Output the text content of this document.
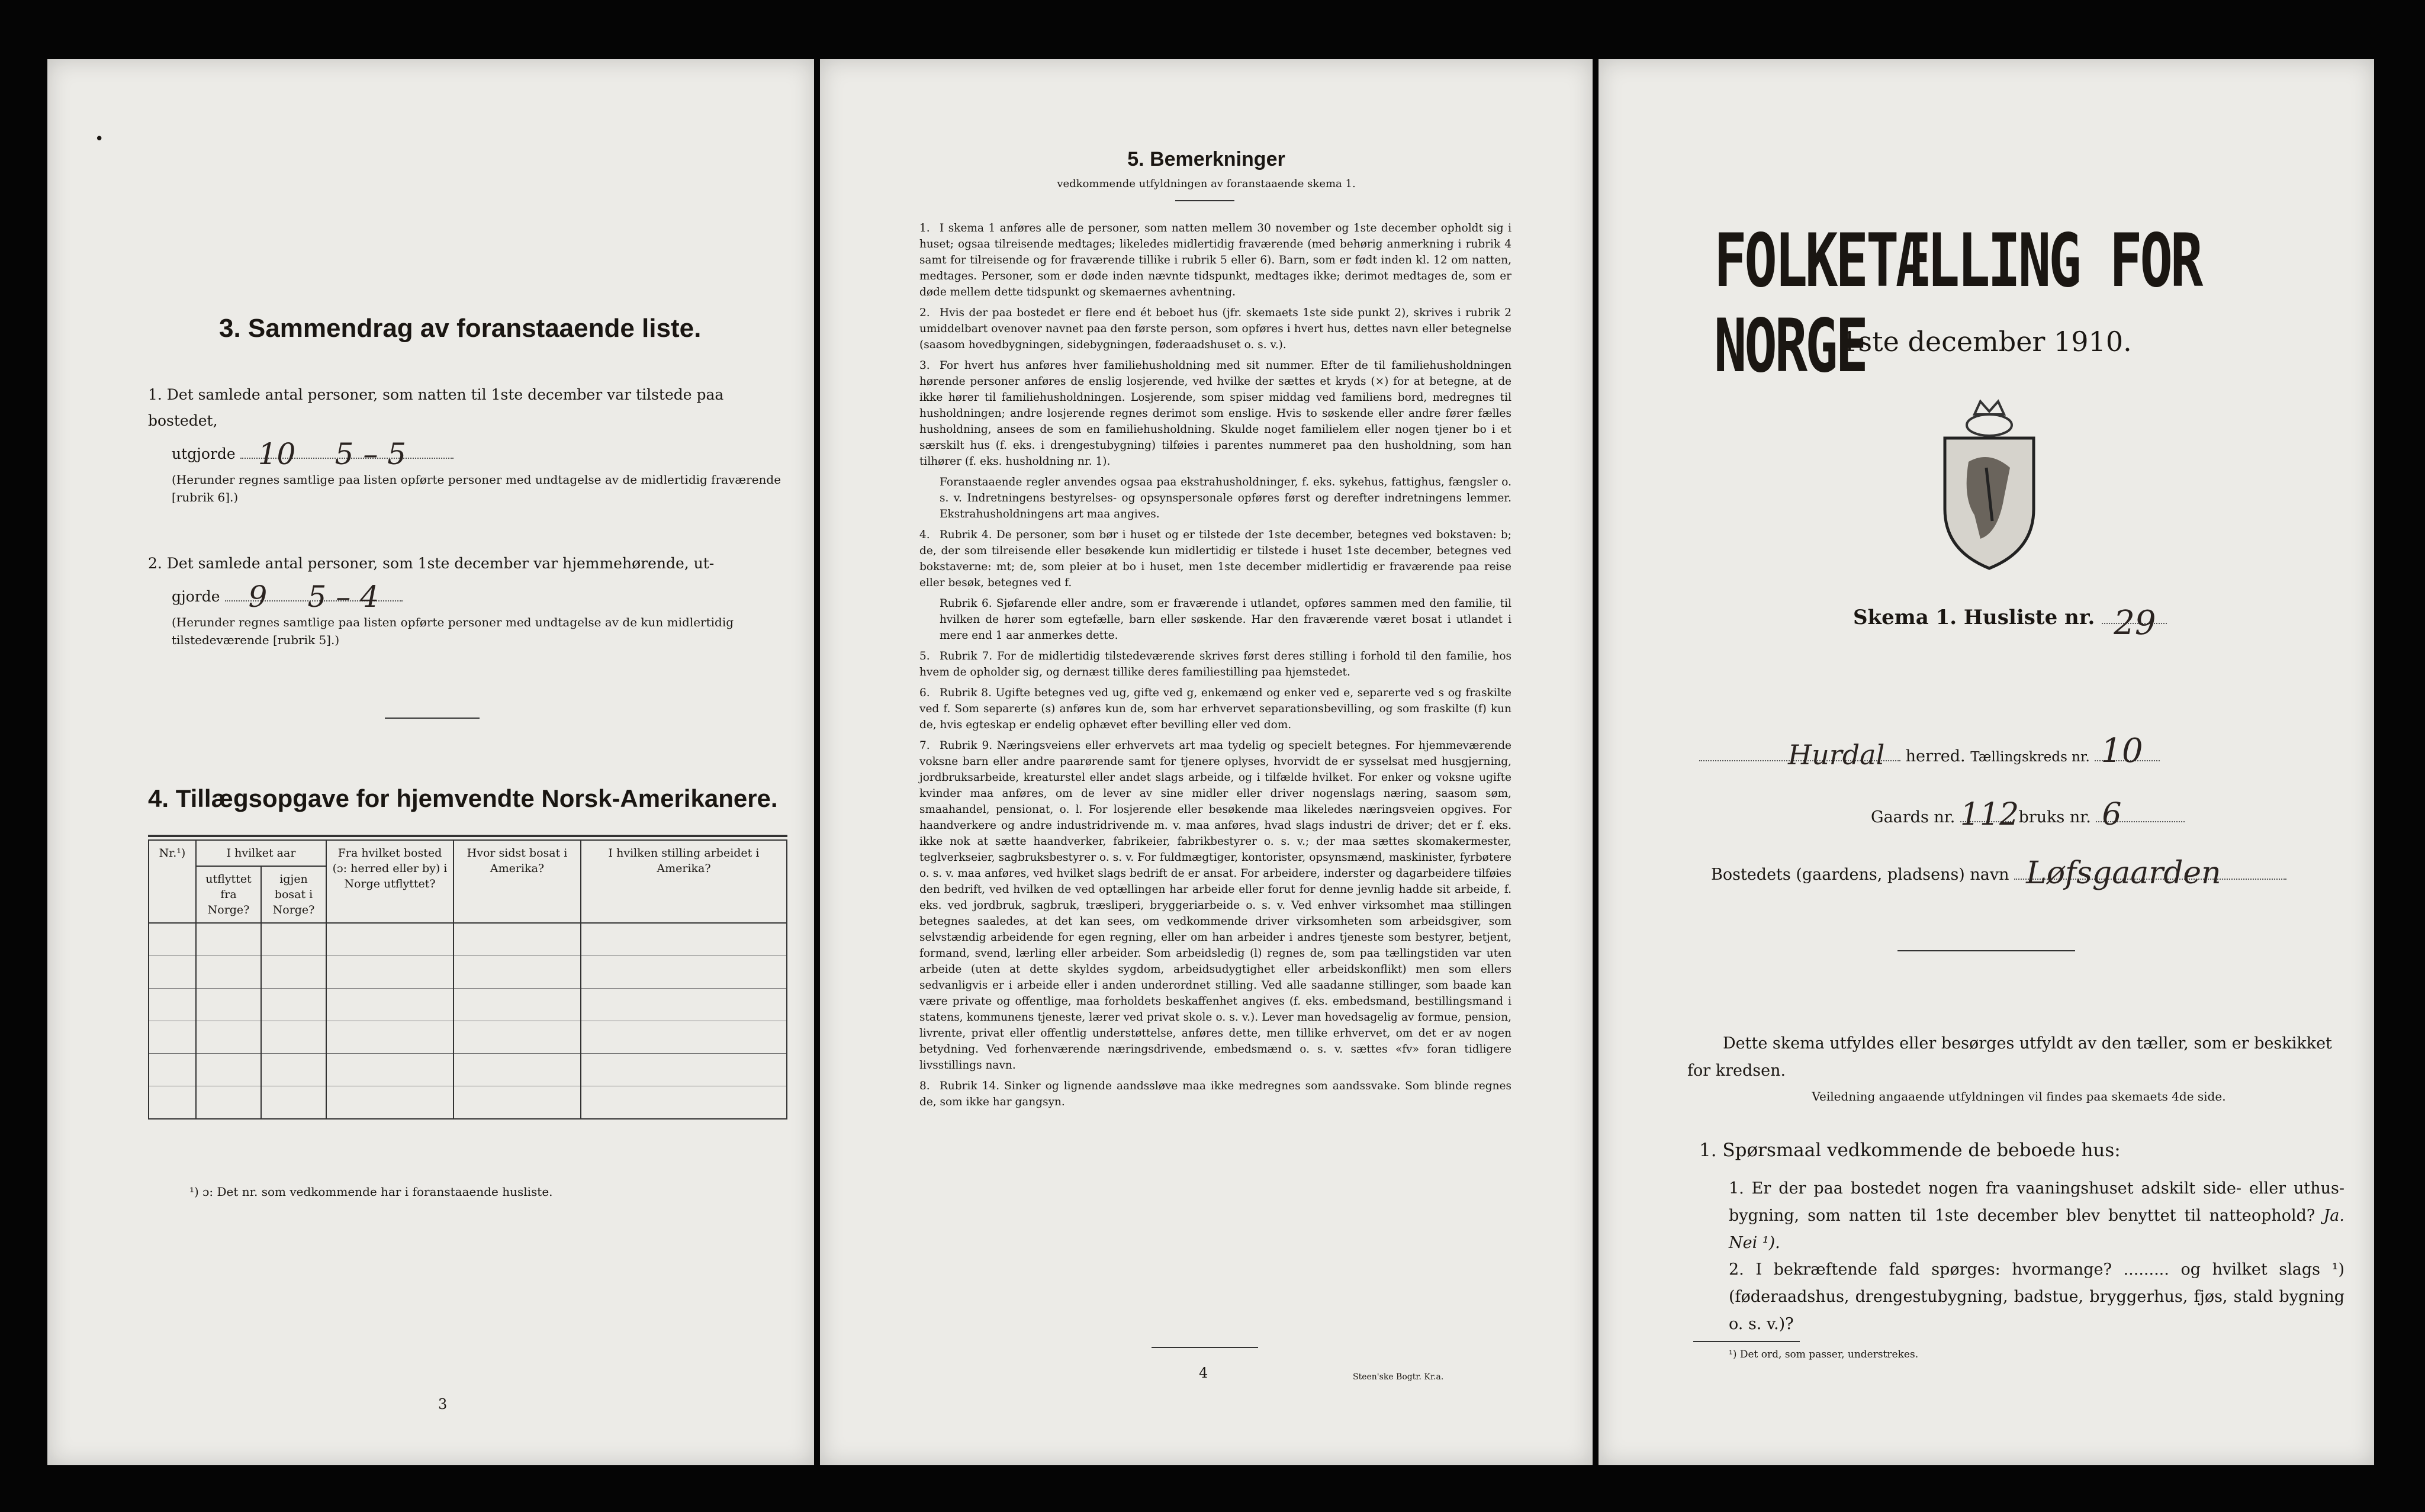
•
3. Sammendrag av foranstaaende liste.
1. Det samlede antal personer, som natten til 1ste december var tilstede paa bostedet,
utgjorde 10 5 – 5
(Herunder regnes samtlige paa listen opførte personer med undtagelse av de midlertidig fraværende [rubrik 6].)
2. Det samlede antal personer, som 1ste december var hjemmehørende, ut-
gjorde 9 5 – 4
(Herunder regnes samtlige paa listen opførte personer med undtagelse av de kun midlertidig tilstedeværende [rubrik 5].)
4. Tillægsopgave for hjemvendte Norsk-Amerikanere.
Nr.¹)	I hvilket aar		Fra hvilket bosted (ɔ: herred eller by) i Norge utflyttet?	Hvor sidst bosat i Amerika?	I hvilken stilling arbeidet i Amerika?
	utflyttet fra Norge?	igjen bosat i Norge?			

¹) ɔ: Det nr. som vedkommende har i foranstaaende husliste.
3
5. Bemerkninger
vedkommende utfyldningen av foranstaaende skema 1.

1. I skema 1 anføres alle de personer, som natten mellem 30 november og 1ste december opholdt sig i huset; ogsaa tilreisende medtages; likeledes midlertidig fraværende (med behørig anmerkning i rubrik 4 samt for tilreisende og for fraværende tillike i rubrik 5 eller 6). Barn, som er født inden kl. 12 om natten, medtages. Personer, som er døde inden nævnte tidspunkt, medtages ikke; derimot medtages de, som er døde mellem dette tidspunkt og skemaernes avhentning.

2. Hvis der paa bostedet er flere end ét beboet hus (jfr. skemaets 1ste side punkt 2), skrives i rubrik 2 umiddelbart ovenover navnet paa den første person, som opføres i hvert hus, dettes navn eller betegnelse (saasom hovedbygningen, sidebygningen, føderaadshuset o. s. v.).

3. For hvert hus anføres hver familiehusholdning med sit nummer. Efter de til familiehusholdningen hørende personer anføres de enslig losjerende, ved hvilke der sættes et kryds (×) for at betegne, at de ikke hører til familiehusholdningen. Losjerende, som spiser middag ved familiens bord, medregnes til husholdningen; andre losjerende regnes derimot som enslige. Hvis to søskende eller andre fører fælles husholdning, ansees de som en familiehusholdning. Skulde noget familielem eller nogen tjener bo i et særskilt hus (f. eks. i drengestubygning) tilføies i parentes nummeret paa den husholdning, som han tilhører (f. eks. husholdning nr. 1).

Foranstaaende regler anvendes ogsaa paa ekstrahusholdninger, f. eks. sykehus, fattighus, fængsler o. s. v. Indretningens bestyrelses- og opsynspersonale opføres først og derefter indretningens lemmer. Ekstrahusholdningens art maa angives.

4. Rubrik 4. De personer, som bør i huset og er tilstede der 1ste december, betegnes ved bokstaven: b; de, der som tilreisende eller besøkende kun midlertidig er tilstede i huset 1ste december, betegnes ved bokstaverne: mt; de, som pleier at bo i huset, men 1ste december midlertidig er fraværende paa reise eller besøk, betegnes ved f.

Rubrik 6. Sjøfarende eller andre, som er fraværende i utlandet, opføres sammen med den familie, til hvilken de hører som egtefælle, barn eller søskende. Har den fraværende været bosat i utlandet i mere end 1 aar anmerkes dette.

5. Rubrik 7. For de midlertidig tilstedeværende skrives først deres stilling i forhold til den familie, hos hvem de opholder sig, og dernæst tillike deres familiestilling paa hjemstedet.

6. Rubrik 8. Ugifte betegnes ved ug, gifte ved g, enkemænd og enker ved e, separerte ved s og fraskilte ved f. Som separerte (s) anføres kun de, som har erhvervet separationsbevilling, og som fraskilte (f) kun de, hvis egteskap er endelig ophævet efter bevilling eller ved dom.

7. Rubrik 9. Næringsveiens eller erhvervets art maa tydelig og specielt betegnes. For hjemmeværende voksne barn eller andre paarørende samt for tjenere oplyses, hvorvidt de er sysselsat med husgjerning, jordbruksarbeide, kreaturstel eller andet slags arbeide, og i tilfælde hvilket. For enker og voksne ugifte kvinder maa anføres, om de lever av sine midler eller driver nogenslags næring, saasom søm, smaahandel, pensionat, o. l. For losjerende eller besøkende maa likeledes næringsveien opgives. For haandverkere og andre industridrivende m. v. maa anføres, hvad slags industri de driver; det er f. eks. ikke nok at sætte haandverker, fabrikeier, fabrikbestyrer o. s. v.; der maa sættes skomakermester, teglverkseier, sagbruksbestyrer o. s. v. For fuldmægtiger, kontorister, opsynsmænd, maskinister, fyrbøtere o. s. v. maa anføres, ved hvilket slags bedrift de er ansat. For arbeidere, inderster og dagarbeidere tilføies den bedrift, ved hvilken de ved optællingen har arbeide eller forut for denne jevnlig hadde sit arbeide, f. eks. ved jordbruk, sagbruk, træsliperi, bryggeriarbeide o. s. v. Ved enhver virksomhet maa stillingen betegnes saaledes, at det kan sees, om vedkommende driver virksomheten som arbeidsgiver, som selvstændig arbeidende for egen regning, eller om han arbeider i andres tjeneste som bestyrer, betjent, formand, svend, lærling eller arbeider. Som arbeidsledig (l) regnes de, som paa tællingstiden var uten arbeide (uten at dette skyldes sygdom, arbeidsudygtighet eller arbeidskonflikt) men som ellers sedvanligvis er i arbeide eller i anden underordnet stilling. Ved alle saadanne stillinger, som baade kan være private og offentlige, maa forholdets beskaffenhet angives (f. eks. embedsmand, bestillingsmand i statens, kommunens tjeneste, lærer ved privat skole o. s. v.). Lever man hovedsagelig av formue, pension, livrente, privat eller offentlig understøttelse, anføres dette, men tillike erhvervet, om det er av nogen betydning. Ved forhenværende næringsdrivende, embedsmænd o. s. v. sættes «fv» foran tidligere livsstillings navn.

8. Rubrik 14. Sinker og lignende aandssløve maa ikke medregnes som aandssvake. Som blinde regnes de, som ikke har gangsyn.

4	Steen'ske Bogtr. Kr.a.
FOLKETÆLLING FOR NORGE
1ste december 1910.
Skema 1. Husliste nr. 29
Hurdal herred. Tællingskreds nr. 10
Gaards nr. 112 bruks nr. 6
Bostedets (gaardens, pladsens) navn Løfsgaarden
Dette skema utfyldes eller besørges utfyldt av den tæller, som er beskikket for kredsen.
Veiledning angaaende utfyldningen vil findes paa skemaets 4de side.
1. Spørsmaal vedkommende de beboede hus:
1. Er der paa bostedet nogen fra vaaningshuset adskilt side- eller uthus-bygning, som natten til 1ste december blev benyttet til natteophold? Ja. Nei ¹).
2. I bekræftende fald spørges: hvormange? ......... og hvilket slags ¹) (føderaadshus, drengestubygning, badstue, bryggerhus, fjøs, stald bygning o. s. v.)?
¹) Det ord, som passer, understrekes.
